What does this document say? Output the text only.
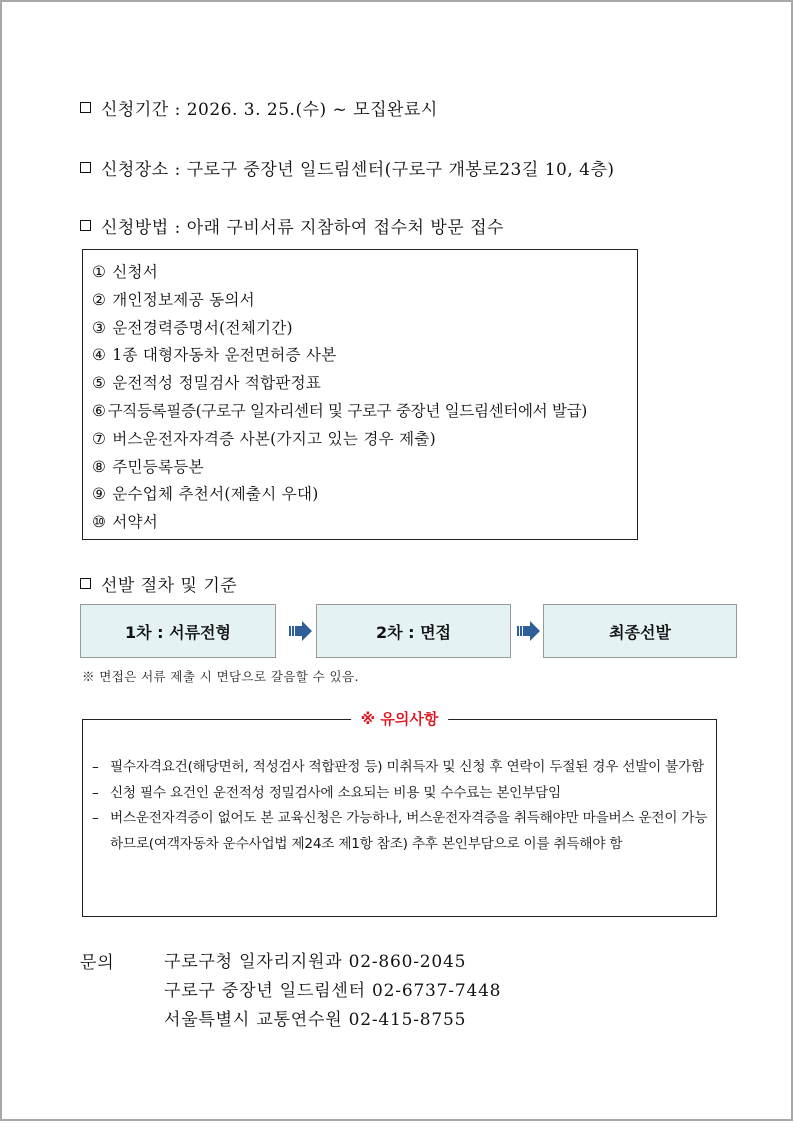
신청기간 : 2026. 3. 25.(수) ~ 모집완료시
신청장소 : 구로구 중장년 일드림센터(구로구 개봉로23길 10, 4층)
신청방법 : 아래 구비서류 지참하여 접수처 방문 접수
① 신청서
② 개인정보제공 동의서
③ 운전경력증명서(전체기간)
④ 1종 대형자동차 운전면허증 사본
⑤ 운전적성 정밀검사 적합판정표
⑥ 구직등록필증(구로구 일자리센터 및 구로구 중장년 일드림센터에서 발급)
⑦ 버스운전자자격증 사본(가지고 있는 경우 제출)
⑧ 주민등록등본
⑨ 운수업체 추천서(제출시 우대)
⑩ 서약서
선발 절차 및 기준
1차 : 서류전형	2차 : 면접	최종선발
※ 면접은 서류 제출 시 면담으로 갈음할 수 있음.
※ 유의사항
– 필수자격요건(해당면허, 적성검사 적합판정 등) 미취득자 및 신청 후 연락이 두절된 경우 선발이 불가함
– 신청 필수 요건인 운전적성 정밀검사에 소요되는 비용 및 수수료는 본인부담임
– 버스운전자격증이 없어도 본 교육신청은 가능하나, 버스운전자격증을 취득해야만 마을버스 운전이 가능하므로(여객자동차 운수사업법 제24조 제1항 참조) 추후 본인부담으로 이를 취득해야 함
문의	구로구청 일자리지원과 02-860-2045
구로구 중장년 일드림센터 02-6737-7448
서울특별시 교통연수원 02-415-8755
